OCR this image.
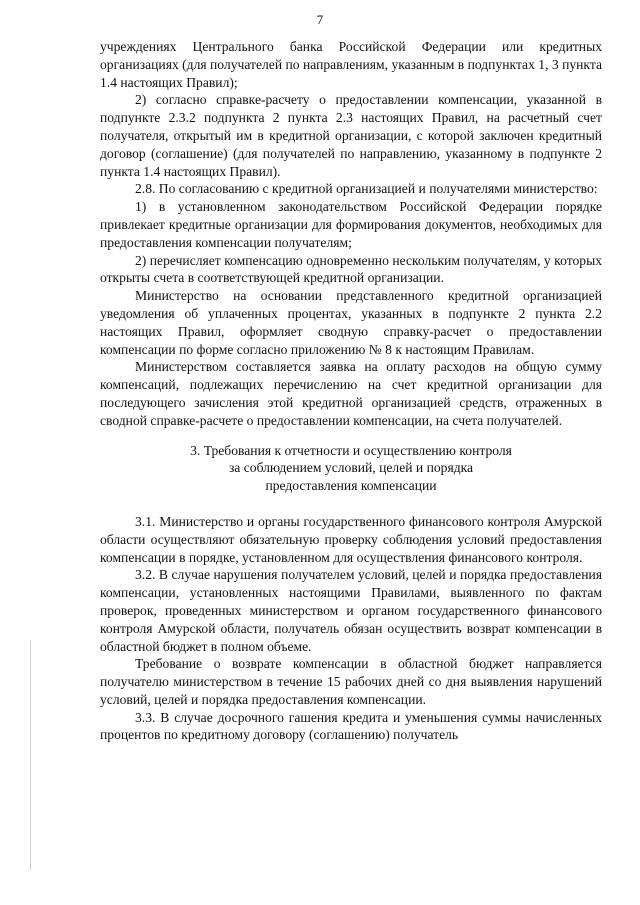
7

учреждениях Центрального банка Российской Федерации или кредитных организациях (для получателей по направлениям, указанным в подпунктах 1, 3 пункта 1.4 настоящих Правил);

2) согласно справке-расчету о предоставлении компенсации, указанной в подпункте 2.3.2 подпункта 2 пункта 2.3 настоящих Правил, на расчетный счет получателя, открытый им в кредитной организации, с которой заключен кредитный договор (соглашение) (для получателей по направлению, указанному в подпункте 2 пункта 1.4 настоящих Правил).

2.8. По согласованию с кредитной организацией и получателями министерство:

1) в установленном законодательством Российской Федерации порядке привлекает кредитные организации для формирования документов, необходимых для предоставления компенсации получателям;

2) перечисляет компенсацию одновременно нескольким получателям, у которых открыты счета в соответствующей кредитной организации.

Министерство на основании представленного кредитной организацией уведомления об уплаченных процентах, указанных в подпункте 2 пункта 2.2 настоящих Правил, оформляет сводную справку-расчет о предоставлении компенсации по форме согласно приложению № 8 к настоящим Правилам.

Министерством составляется заявка на оплату расходов на общую сумму компенсаций, подлежащих перечислению на счет кредитной организации для последующего зачисления этой кредитной организацией средств, отраженных в сводной справке-расчете о предоставлении компенсации, на счета получателей.

3. Требования к отчетности и осуществлению контроля
за соблюдением условий, целей и порядка
предоставления компенсации

3.1. Министерство и органы государственного финансового контроля Амурской области осуществляют обязательную проверку соблюдения условий предоставления компенсации в порядке, установленном для осуществления финансового контроля.

3.2. В случае нарушения получателем условий, целей и порядка предоставления компенсации, установленных настоящими Правилами, выявленного по фактам проверок, проведенных министерством и органом государственного финансового контроля Амурской области, получатель обязан осуществить возврат компенсации в областной бюджет в полном объеме.

Требование о возврате компенсации в областной бюджет направляется получателю министерством в течение 15 рабочих дней со дня выявления нарушений условий, целей и порядка предоставления компенсации.

3.3. В случае досрочного гашения кредита и уменьшения суммы начисленных процентов по кредитному договору (соглашению) получатель
